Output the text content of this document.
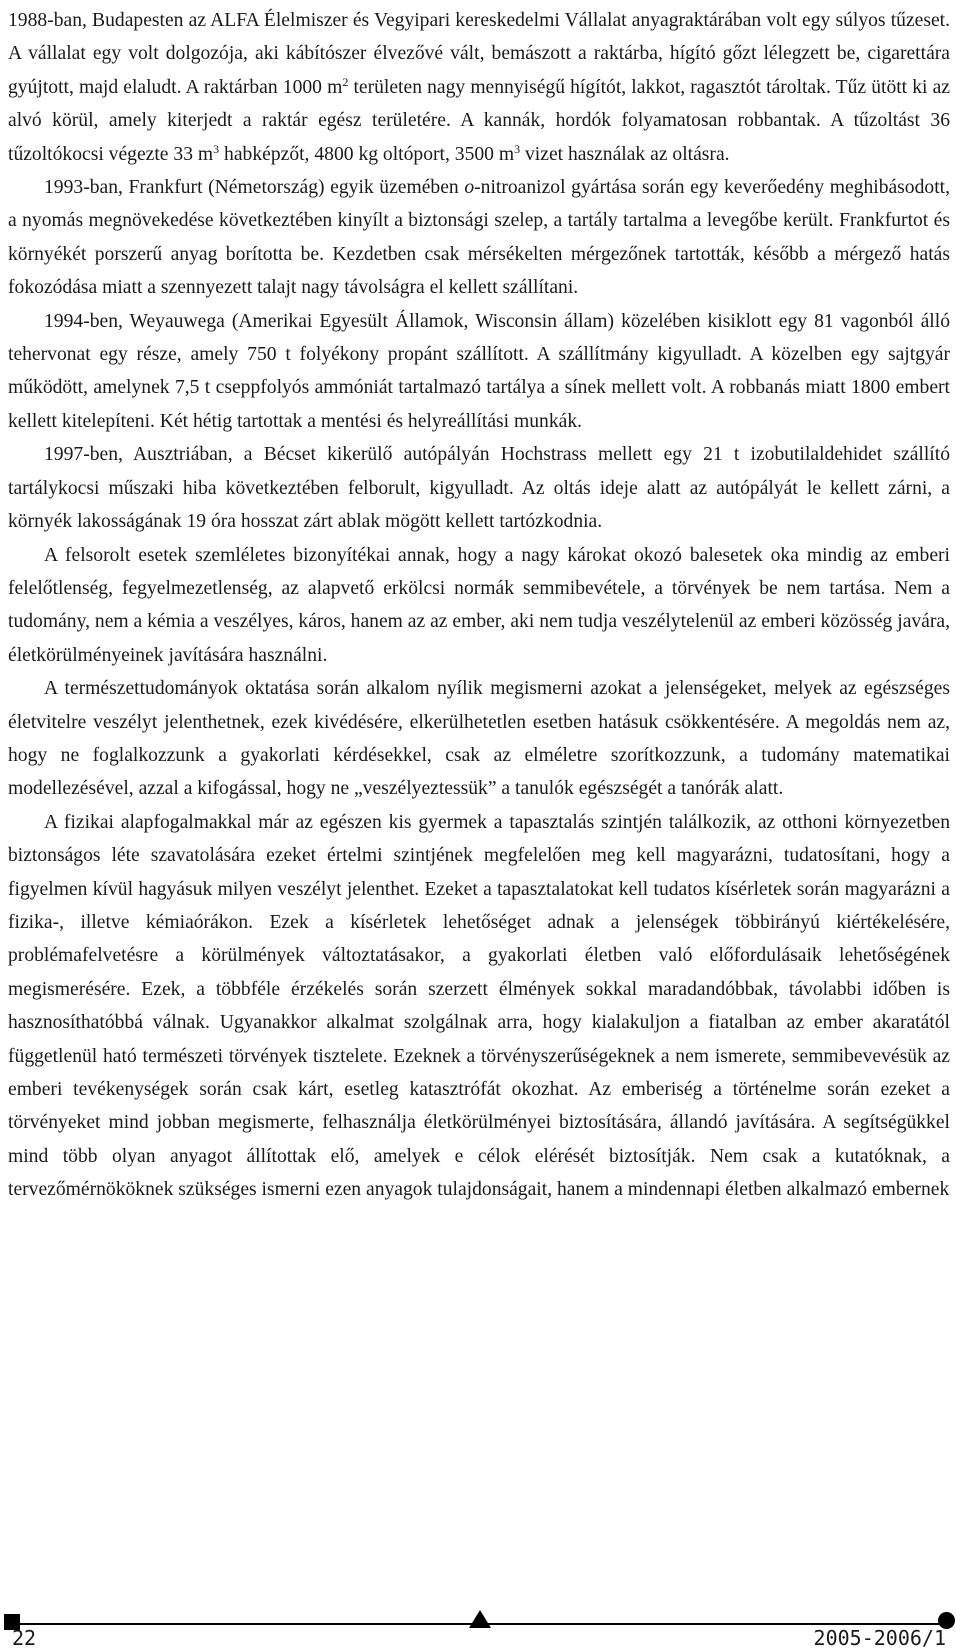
1988-ban, Budapesten az ALFA Élelmiszer és Vegyipari kereskedelmi Vállalat anyagraktárában volt egy súlyos tűzeset. A vállalat egy volt dolgozója, aki kábítószer élvezővé vált, bemászott a raktárba, hígító gőzt lélegzett be, cigarettára gyújtott, majd elaludt. A raktárban 1000 $m^2$ területen nagy mennyiségű hígítót, lakkot, ragasztót tároltak. Tűz ütött ki az alvó körül, amely kiterjedt a raktár egész területére. A kannák, hordók folyamatosan robbantak. A tűzoltást 36 tűzoltókocsi végezte 33 $m^3$ habképzőt, 4800 kg oltóport, 3500 $m^3$ vizet használak az oltásra.

1993-ban, Frankfurt (Németország) egyik üzemében o-nitroanizol gyártása során egy keverőedény meghibásodott, a nyomás megnövekedése következtében kinyílt a biztonsági szelep, a tartály tartalma a levegőbe került. Frankfurtot és környékét porszerű anyag borította be. Kezdetben csak mérsékelten mérgezőnek tartották, később a mérgező hatás fokozódása miatt a szennyezett talajt nagy távolságra el kellett szállítani.

1994-ben, Weyauwega (Amerikai Egyesült Államok, Wisconsin állam) közelében kisiklott egy 81 vagonból álló tehervonat egy része, amely 750 t folyékony propánt szállított. A szállítmány kigyulladt. A közelben egy sajtgyár működött, amelynek 7,5 t cseppfolyós ammóniát tartalmazó tartálya a sínek mellett volt. A robbanás miatt 1800 embert kellett kitelepíteni. Két hétig tartottak a mentési és helyreállítási munkák.

1997-ben, Ausztriában, a Bécset kikerülő autópályán Hochstrass mellett egy 21 t izobutilaldehidet szállító tartálykocsi műszaki hiba következtében felborult, kigyulladt. Az oltás ideje alatt az autópályát le kellett zárni, a környék lakosságának 19 óra hosszat zárt ablak mögött kellett tartózkodnia.

A felsorolt esetek szemléletes bizonyítékai annak, hogy a nagy károkat okozó balesetek oka mindig az emberi felelőtlenség, fegyelmezetlenség, az alapvető erkölcsi normák semmibevétele, a törvények be nem tartása. Nem a tudomány, nem a kémia a veszélyes, káros, hanem az az ember, aki nem tudja veszélytelenül az emberi közösség javára, életkörülményeinek javítására használni.

A természettudományok oktatása során alkalom nyílik megismerni azokat a jelenségeket, melyek az egészséges életvitelre veszélyt jelenthetnek, ezek kivédésére, elkerülhetetlen esetben hatásuk csökkentésére. A megoldás nem az, hogy ne foglalkozzunk a gyakorlati kérdésekkel, csak az elméletre szorítkozzunk, a tudomány matematikai modellezésével, azzal a kifogással, hogy ne „veszélyeztessük” a tanulók egészségét a tanórák alatt.

A fizikai alapfogalmakkal már az egészen kis gyermek a tapasztalás szintjén találkozik, az otthoni környezetben biztonságos léte szavatolására ezeket értelmi szintjének megfelelően meg kell magyarázni, tudatosítani, hogy a figyelmen kívül hagyásuk milyen veszélyt jelenthet. Ezeket a tapasztalatokat kell tudatos kísérletek során magyarázni a fizika-, illetve kémiaórákon. Ezek a kísérletek lehetőséget adnak a jelenségek többirányú kiértékelésére, problémafelvetésre a körülmények változtatásakor, a gyakorlati életben való előfordulásaik lehetőségének megismerésére. Ezek, a többféle érzékelés során szerzett élmények sokkal maradandóbbak, távolabbi időben is hasznosíthatóbbá válnak. Ugyanakkor alkalmat szolgálnak arra, hogy kialakuljon a fiatalban az ember akaratától függetlenül ható természeti törvények tisztelete. Ezeknek a törvényszerűségeknek a nem ismerete, semmibevevésük az emberi tevékenységek során csak kárt, esetleg katasztrófát okozhat. Az emberiség a történelme során ezeket a törvényeket mind jobban megismerte, felhasználja életkörülményei biztosítására, állandó javítására. A segítségükkel mind több olyan anyagot állítottak elő, amelyek e célok elérését biztosítják. Nem csak a kutatóknak, a tervezőmérnököknek szükséges ismerni ezen anyagok tulajdonságait, hanem a mindennapi életben alkalmazó embernek

22	2005-2006/1
